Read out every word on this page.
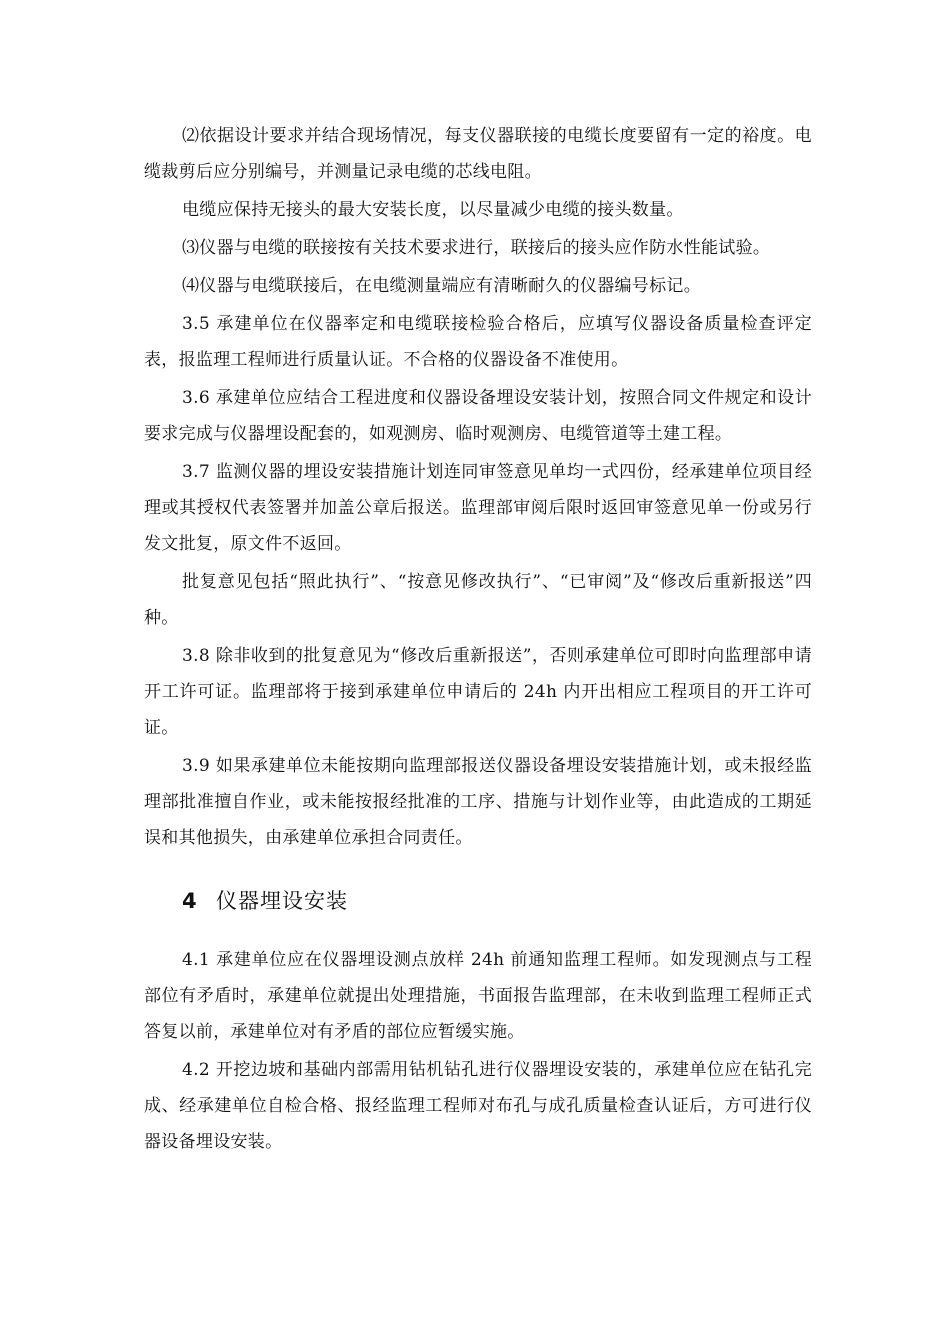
⑵依据设计要求并结合现场情况，每支仪器联接的电缆长度要留有一定的裕度。电缆裁剪后应分别编号，并测量记录电缆的芯线电阻。

电缆应保持无接头的最大安装长度，以尽量减少电缆的接头数量。

⑶仪器与电缆的联接按有关技术要求进行，联接后的接头应作防水性能试验。

⑷仪器与电缆联接后，在电缆测量端应有清晰耐久的仪器编号标记。

3.5 承建单位在仪器率定和电缆联接检验合格后，应填写仪器设备质量检查评定表，报监理工程师进行质量认证。不合格的仪器设备不准使用。

3.6 承建单位应结合工程进度和仪器设备埋设安装计划，按照合同文件规定和设计要求完成与仪器埋设配套的，如观测房、临时观测房、电缆管道等土建工程。

3.7 监测仪器的埋设安装措施计划连同审签意见单均一式四份，经承建单位项目经理或其授权代表签署并加盖公章后报送。监理部审阅后限时返回审签意见单一份或另行发文批复，原文件不返回。

批复意见包括“照此执行”、“按意见修改执行”、“已审阅”及“修改后重新报送”四种。

3.8 除非收到的批复意见为“修改后重新报送”，否则承建单位可即时向监理部申请开工许可证。监理部将于接到承建单位申请后的 24h 内开出相应工程项目的开工许可证。

3.9 如果承建单位未能按期向监理部报送仪器设备埋设安装措施计划，或未报经监理部批准擅自作业，或未能按报经批准的工序、措施与计划作业等，由此造成的工期延误和其他损失，由承建单位承担合同责任。

4 仪器埋设安装

4.1 承建单位应在仪器埋设测点放样 24h 前通知监理工程师。如发现测点与工程部位有矛盾时，承建单位就提出处理措施，书面报告监理部，在未收到监理工程师正式答复以前，承建单位对有矛盾的部位应暂缓实施。

4.2 开挖边坡和基础内部需用钻机钻孔进行仪器埋设安装的，承建单位应在钻孔完成、经承建单位自检合格、报经监理工程师对布孔与成孔质量检查认证后，方可进行仪器设备埋设安装。
